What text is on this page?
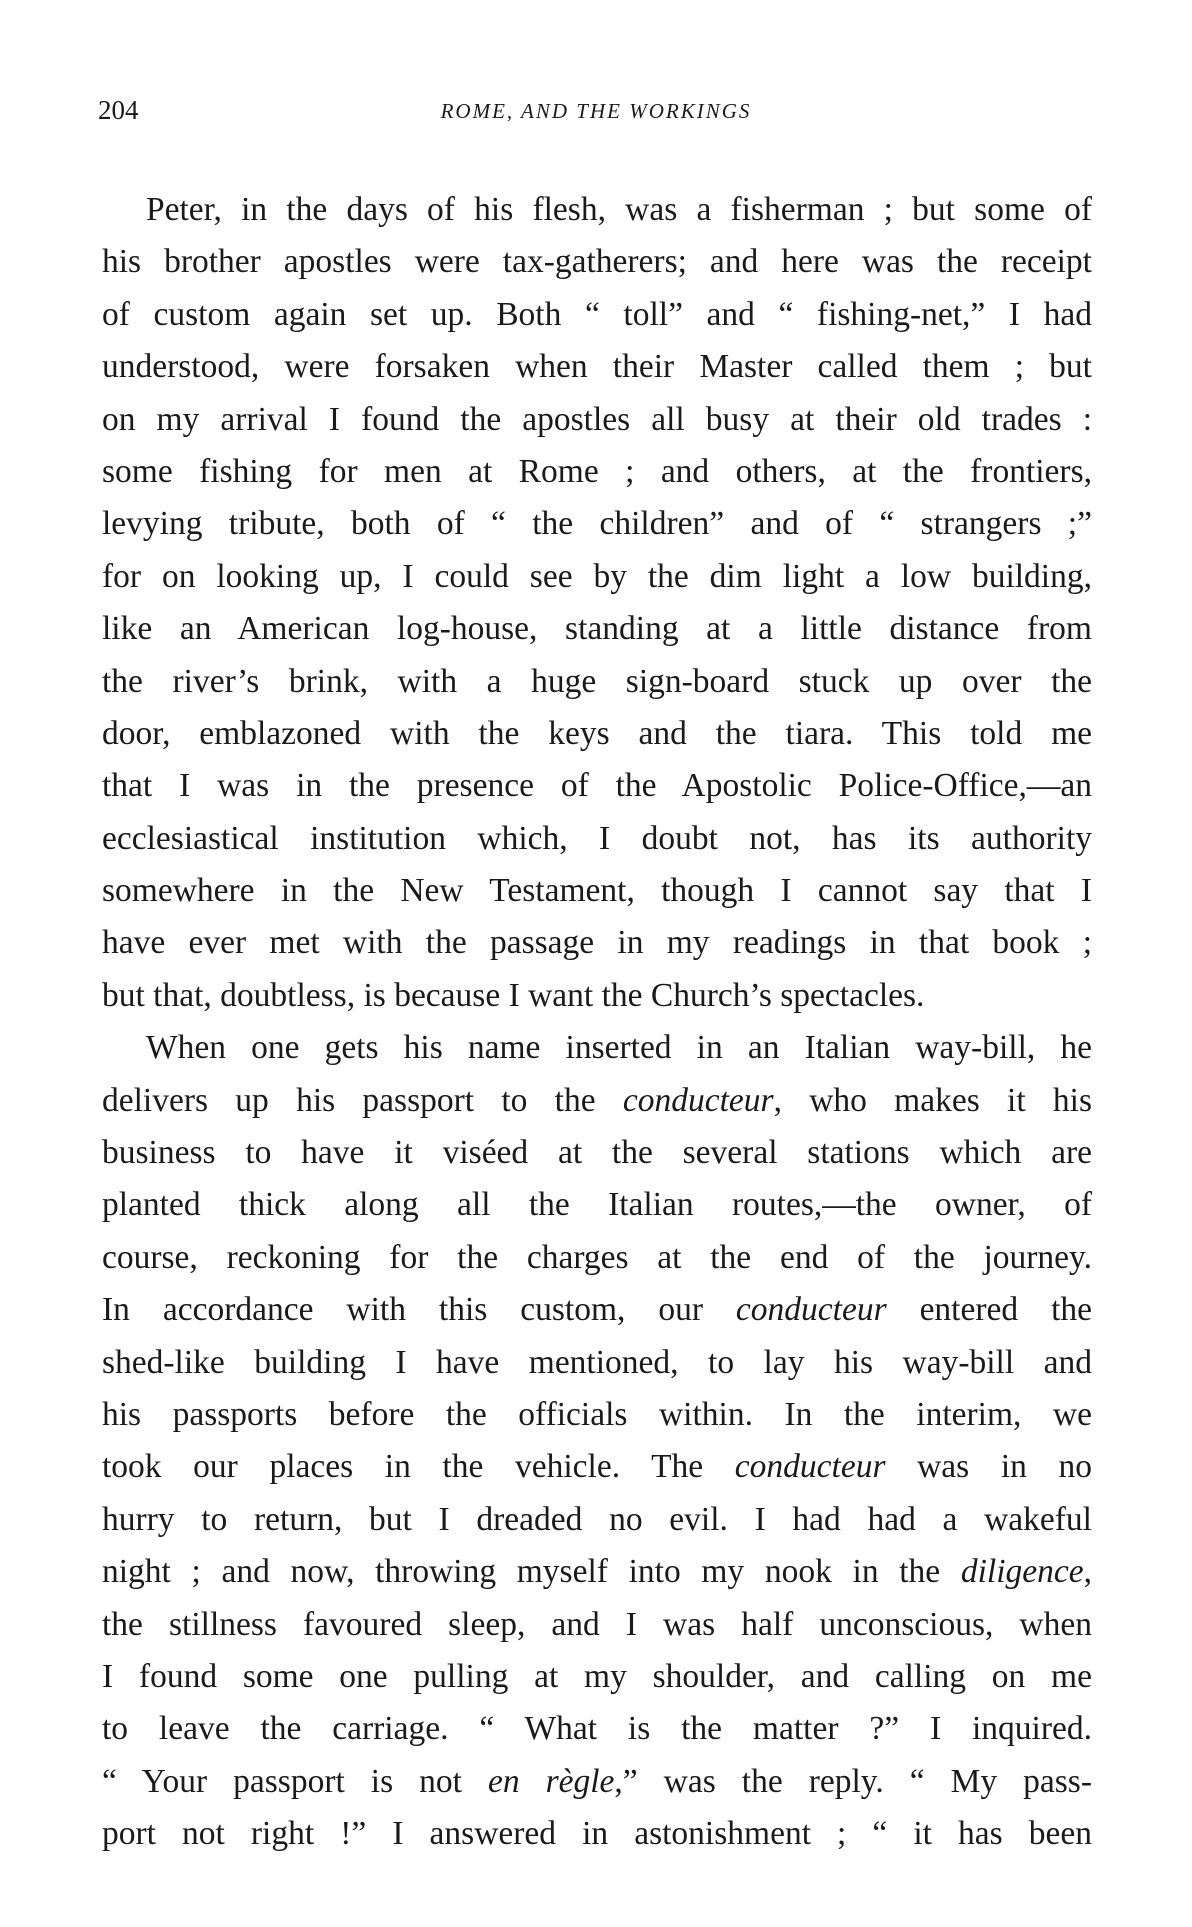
204	ROME, AND THE WORKINGS
Peter, in the days of his flesh, was a fisherman ; but some of
his brother apostles were tax-gatherers; and here was the receipt
of custom again set up. Both “ toll” and “ fishing-net,” I had
understood, were forsaken when their Master called them ; but
on my arrival I found the apostles all busy at their old trades :
some fishing for men at Rome ; and others, at the frontiers,
levying tribute, both of “ the children” and of “ strangers ;”
for on looking up, I could see by the dim light a low building,
like an American log-house, standing at a little distance from
the river’s brink, with a huge sign-board stuck up over the
door, emblazoned with the keys and the tiara. This told me
that I was in the presence of the Apostolic Police-Office,—an
ecclesiastical institution which, I doubt not, has its authority
somewhere in the New Testament, though I cannot say that I
have ever met with the passage in my readings in that book ;
but that, doubtless, is because I want the Church’s spectacles.
When one gets his name inserted in an Italian way-bill, he
delivers up his passport to the conducteur, who makes it his
business to have it viséed at the several stations which are
planted thick along all the Italian routes,—the owner, of
course, reckoning for the charges at the end of the journey.
In accordance with this custom, our conducteur entered the
shed-like building I have mentioned, to lay his way-bill and
his passports before the officials within. In the interim, we
took our places in the vehicle. The conducteur was in no
hurry to return, but I dreaded no evil. I had had a wakeful
night ; and now, throwing myself into my nook in the diligence,
the stillness favoured sleep, and I was half unconscious, when
I found some one pulling at my shoulder, and calling on me
to leave the carriage. “ What is the matter ?” I inquired.
“ Your passport is not en règle,” was the reply. “ My pass-
port not right !” I answered in astonishment ; “ it has been
